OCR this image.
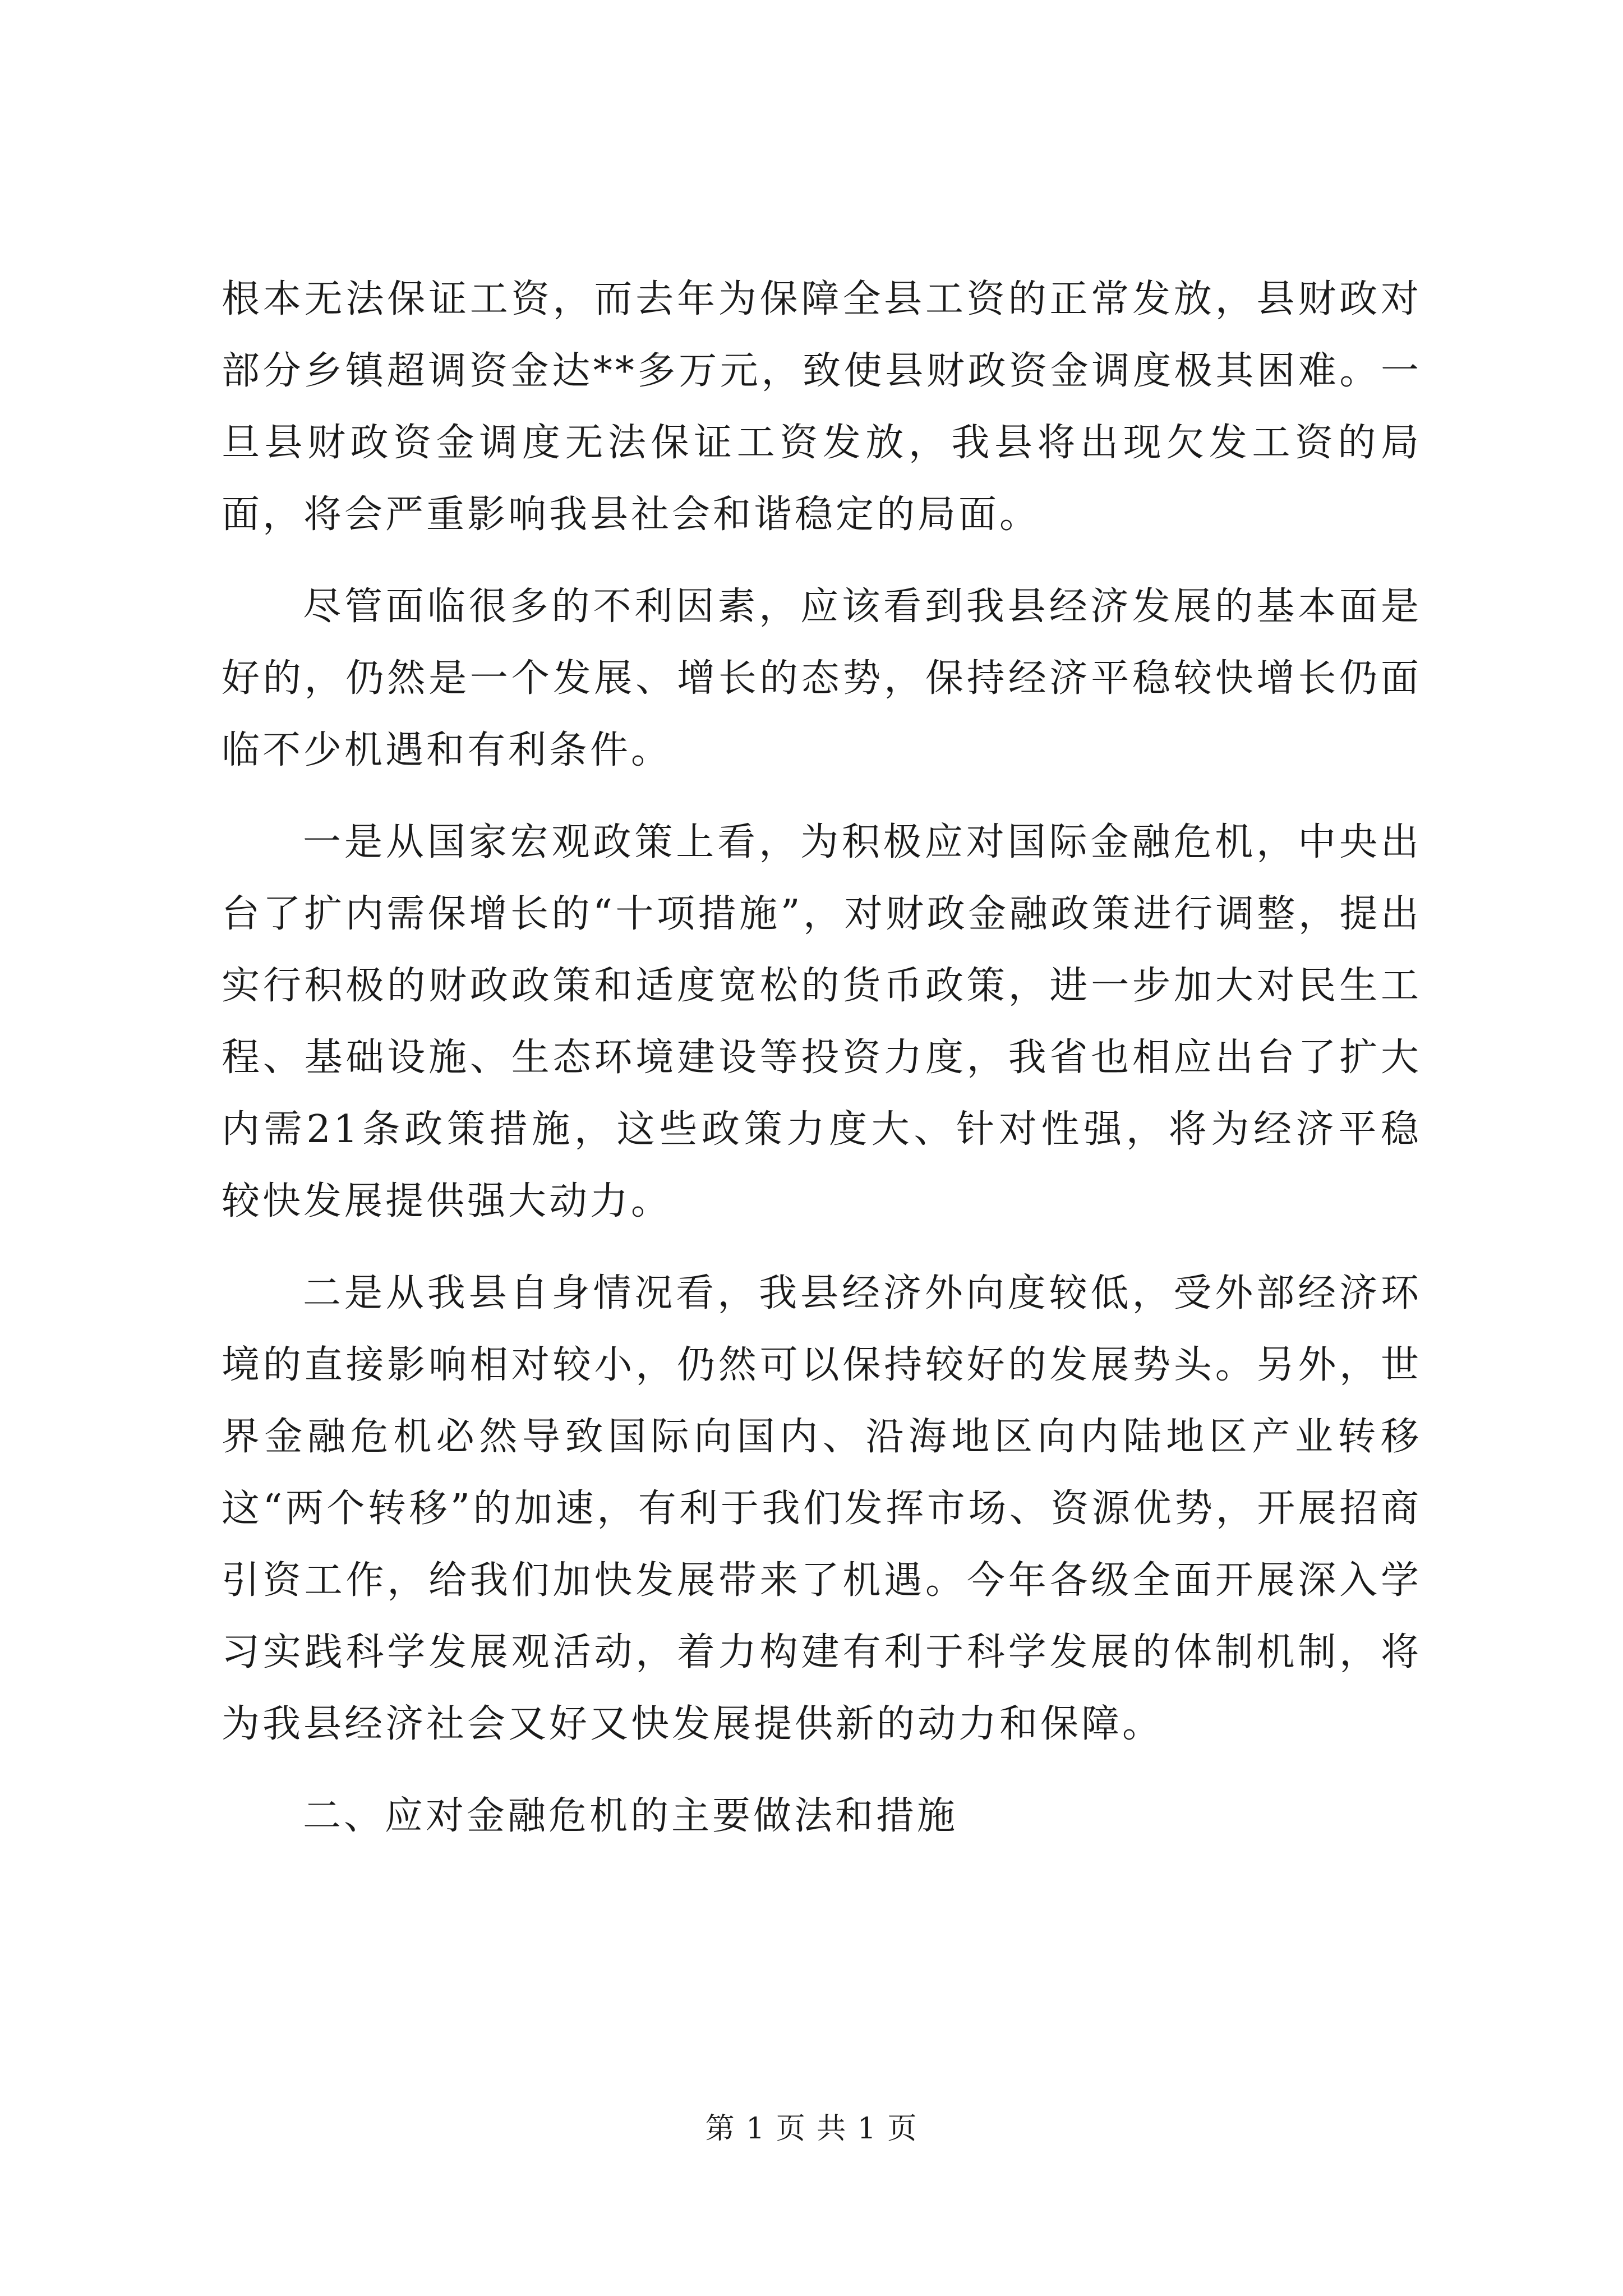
根本无法保证工资，而去年为保障全县工资的正常发放，县财政对部分乡镇超调资金达**多万元，致使县财政资金调度极其困难。一旦县财政资金调度无法保证工资发放，我县将出现欠发工资的局面，将会严重影响我县社会和谐稳定的局面。

尽管面临很多的不利因素，应该看到我县经济发展的基本面是好的，仍然是一个发展、增长的态势，保持经济平稳较快增长仍面临不少机遇和有利条件。

一是从国家宏观政策上看，为积极应对国际金融危机，中央出台了扩内需保增长的“十项措施”，对财政金融政策进行调整，提出实行积极的财政政策和适度宽松的货币政策，进一步加大对民生工程、基础设施、生态环境建设等投资力度，我省也相应出台了扩大内需21条政策措施，这些政策力度大、针对性强，将为经济平稳较快发展提供强大动力。

二是从我县自身情况看，我县经济外向度较低，受外部经济环境的直接影响相对较小，仍然可以保持较好的发展势头。另外，世界金融危机必然导致国际向国内、沿海地区向内陆地区产业转移这“两个转移”的加速，有利于我们发挥市场、资源优势，开展招商引资工作，给我们加快发展带来了机遇。今年各级全面开展深入学习实践科学发展观活动，着力构建有利于科学发展的体制机制，将为我县经济社会又好又快发展提供新的动力和保障。

二、应对金融危机的主要做法和措施

第 1 页 共 1 页
